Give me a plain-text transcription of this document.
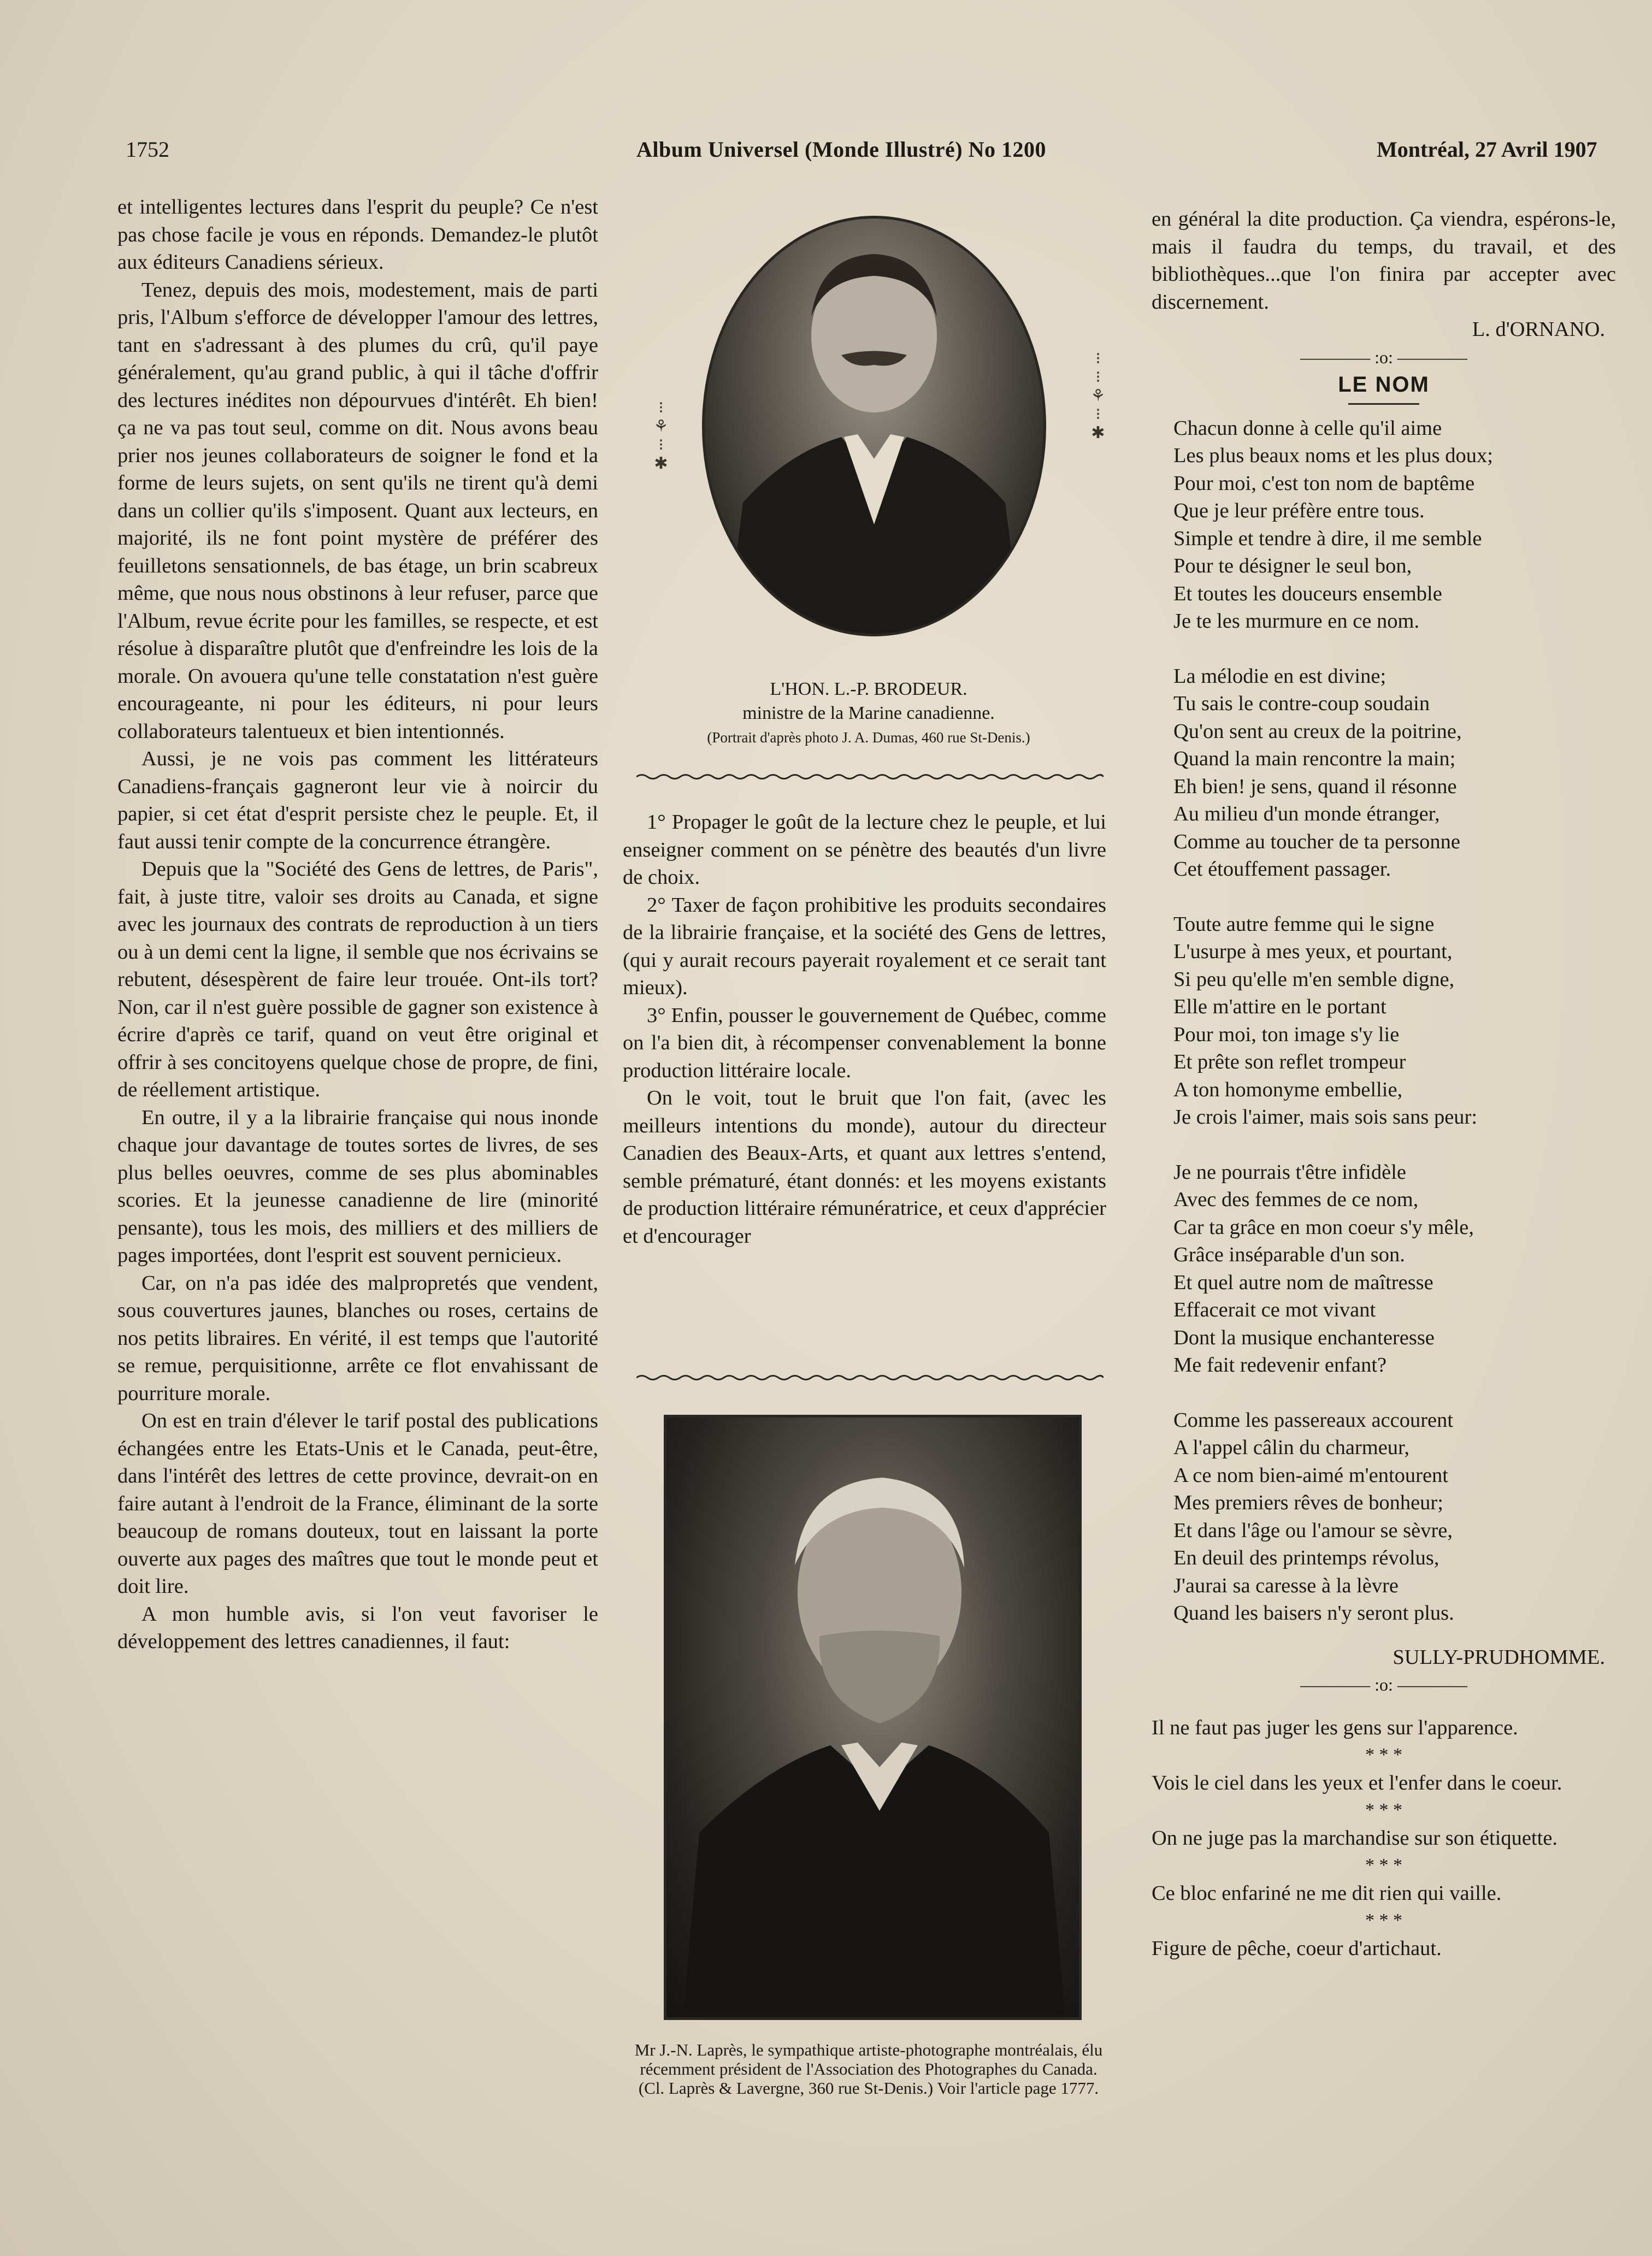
1752	Album Universel (Monde Illustré) No 1200	Montréal, 27 Avril 1907

et intelligentes lectures dans l'esprit du peuple? Ce n'est pas chose facile je vous en réponds. Demandez-le plutôt aux éditeurs Canadiens sérieux.

Tenez, depuis des mois, modestement, mais de parti pris, l'Album s'efforce de développer l'amour des lettres, tant en s'adressant à des plumes du crû, qu'il paye généralement, qu'au grand public, à qui il tâche d'offrir des lectures inédites non dépourvues d'intérêt. Eh bien! ça ne va pas tout seul, comme on dit. Nous avons beau prier nos jeunes collaborateurs de soigner le fond et la forme de leurs sujets, on sent qu'ils ne tirent qu'à demi dans un collier qu'ils s'imposent. Quant aux lecteurs, en majorité, ils ne font point mystère de préférer des feuilletons sensationnels, de bas étage, un brin scabreux même, que nous nous obstinons à leur refuser, parce que l'Album, revue écrite pour les familles, se respecte, et est résolue à disparaître plutôt que d'enfreindre les lois de la morale. On avouera qu'une telle constatation n'est guère encourageante, ni pour les éditeurs, ni pour leurs collaborateurs talentueux et bien intentionnés.

Aussi, je ne vois pas comment les littérateurs Canadiens-français gagneront leur vie à noircir du papier, si cet état d'esprit persiste chez le peuple. Et, il faut aussi tenir compte de la concurrence étrangère.

Depuis que la "Société des Gens de lettres, de Paris", fait, à juste titre, valoir ses droits au Canada, et signe avec les journaux des contrats de reproduction à un tiers ou à un demi cent la ligne, il semble que nos écrivains se rebutent, désespèrent de faire leur trouée. Ont-ils tort? Non, car il n'est guère possible de gagner son existence à écrire d'après ce tarif, quand on veut être original et offrir à ses concitoyens quelque chose de propre, de fini, de réellement artistique.

En outre, il y a la librairie française qui nous inonde chaque jour davantage de toutes sortes de livres, de ses plus belles oeuvres, comme de ses plus abominables scories. Et la jeunesse canadienne de lire (minorité pensante), tous les mois, des milliers et des milliers de pages importées, dont l'esprit est souvent pernicieux.

Car, on n'a pas idée des malpropretés que vendent, sous couvertures jaunes, blanches ou roses, certains de nos petits libraires. En vérité, il est temps que l'autorité se remue, perquisitionne, arrête ce flot envahissant de pourriture morale.

On est en train d'élever le tarif postal des publications échangées entre les Etats-Unis et le Canada, peut-être, dans l'intérêt des lettres de cette province, devrait-on en faire autant à l'endroit de la France, éliminant de la sorte beaucoup de romans douteux, tout en laissant la porte ouverte aux pages des maîtres que tout le monde peut et doit lire.

A mon humble avis, si l'on veut favoriser le développement des lettres canadiennes, il faut:

⁝
⚘
⁝
✱
⁝
⁝
⚘
⁝
✱
L'HON. L.-P. BRODEUR.
ministre de la Marine canadienne.
(Portrait d'après photo J. A. Dumas, 460 rue St-Denis.)

1° Propager le goût de la lecture chez le peuple, et lui enseigner comment on se pénètre des beautés d'un livre de choix.

2° Taxer de façon prohibitive les produits secondaires de la librairie française, et la société des Gens de lettres, (qui y aurait recours payerait royalement et ce serait tant mieux).

3° Enfin, pousser le gouvernement de Québec, comme on l'a bien dit, à récompenser convenablement la bonne production littéraire locale.

On le voit, tout le bruit que l'on fait, (avec les meilleurs intentions du monde), autour du directeur Canadien des Beaux-Arts, et quant aux lettres s'entend, semble prématuré, étant donnés: et les moyens existants de production littéraire rémunératrice, et ceux d'apprécier et d'encourager

Mr J.-N. Laprès, le sympathique artiste-photographe montréalais, élu récemment président de l'Association des Photographes du Canada. (Cl. Laprès & Lavergne, 360 rue St-Denis.) Voir l'article page 1777.

en général la dite production. Ça viendra, espérons-le, mais il faudra du temps, du travail, et des bibliothèques...que l'on finira par accepter avec discernement.

L. d'ORNANO.

———— :o: ————

LE NOM

Chacun donne à celle qu'il aime

Les plus beaux noms et les plus doux;

Pour moi, c'est ton nom de baptême

Que je leur préfère entre tous.

Simple et tendre à dire, il me semble

Pour te désigner le seul bon,

Et toutes les douceurs ensemble

Je te les murmure en ce nom.

La mélodie en est divine;

Tu sais le contre-coup soudain

Qu'on sent au creux de la poitrine,

Quand la main rencontre la main;

Eh bien! je sens, quand il résonne

Au milieu d'un monde étranger,

Comme au toucher de ta personne

Cet étouffement passager.

Toute autre femme qui le signe

L'usurpe à mes yeux, et pourtant,

Si peu qu'elle m'en semble digne,

Elle m'attire en le portant

Pour moi, ton image s'y lie

Et prête son reflet trompeur

A ton homonyme embellie,

Je crois l'aimer, mais sois sans peur:

Je ne pourrais t'être infidèle

Avec des femmes de ce nom,

Car ta grâce en mon coeur s'y mêle,

Grâce inséparable d'un son.

Et quel autre nom de maîtresse

Effacerait ce mot vivant

Dont la musique enchanteresse

Me fait redevenir enfant?

Comme les passereaux accourent

A l'appel câlin du charmeur,

A ce nom bien-aimé m'entourent

Mes premiers rêves de bonheur;

Et dans l'âge ou l'amour se sèvre,

En deuil des printemps révolus,

J'aurai sa caresse à la lèvre

Quand les baisers n'y seront plus.

SULLY-PRUDHOMME.

———— :o: ————

Il ne faut pas juger les gens sur l'apparence.

* * *

Vois le ciel dans les yeux et l'enfer dans le coeur.

* * *

On ne juge pas la marchandise sur son étiquette.

* * *

Ce bloc enfariné ne me dit rien qui vaille.

* * *

Figure de pêche, coeur d'artichaut.
